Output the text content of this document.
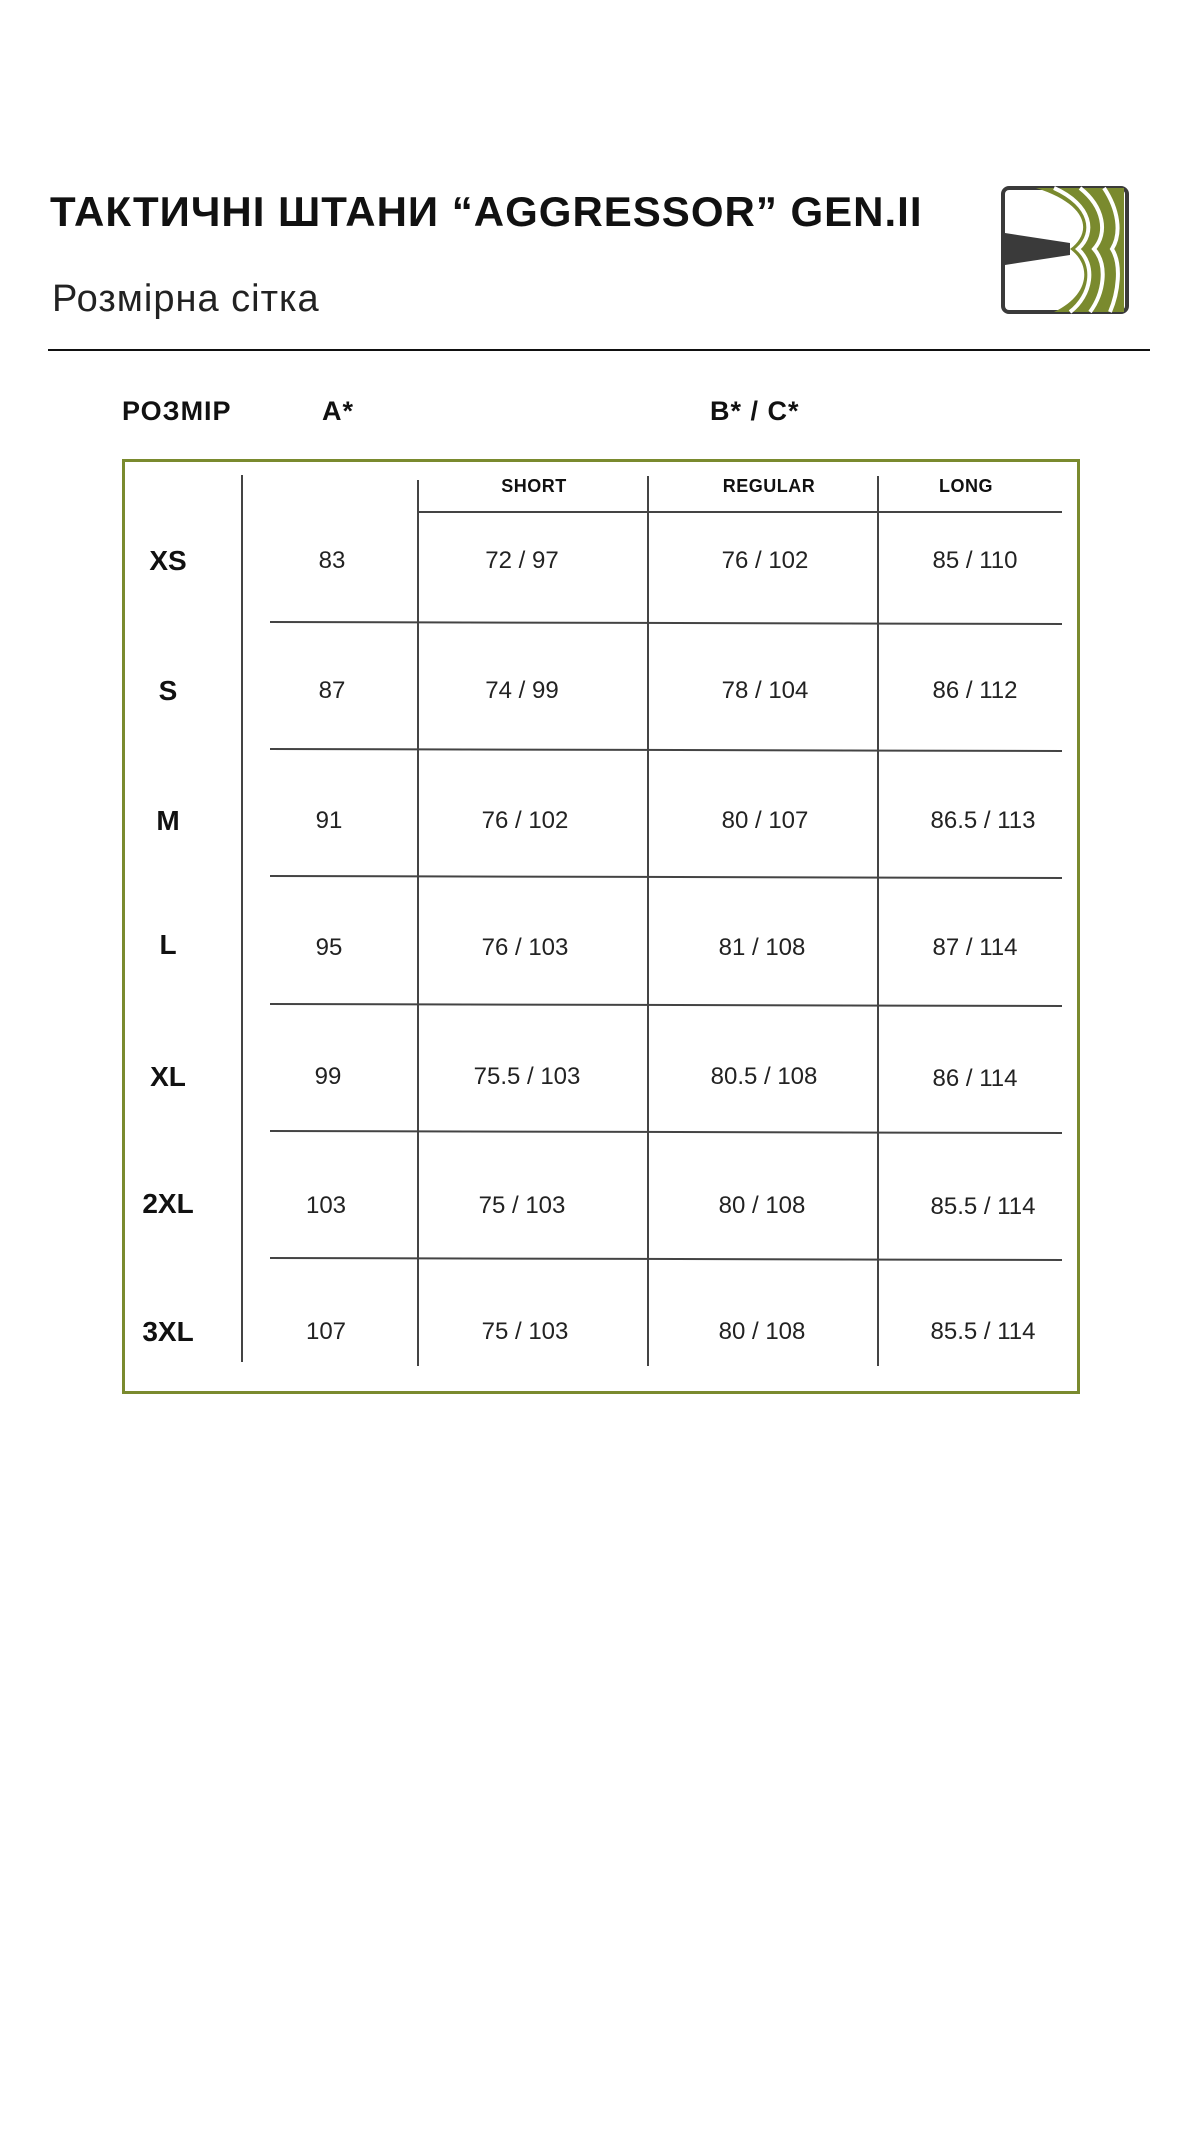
ТАКТИЧНІ ШТАНИ “AGGRESSOR” GEN.II
Розмірна сітка
РОЗМІР	A*	B* / C*
SHORT	REGULAR	LONG
XS	83	72 / 97	76 / 102	85 / 110
S	87	74 / 99	78 / 104	86 / 112
M	91	76 / 102	80 / 107	86.5 / 113
L	95	76 / 103	81 / 108	87 / 114
XL	99	75.5 / 103	80.5 / 108	86 / 114
2XL	103	75 / 103	80 / 108	85.5 / 114
3XL	107	75 / 103	80 / 108	85.5 / 114
